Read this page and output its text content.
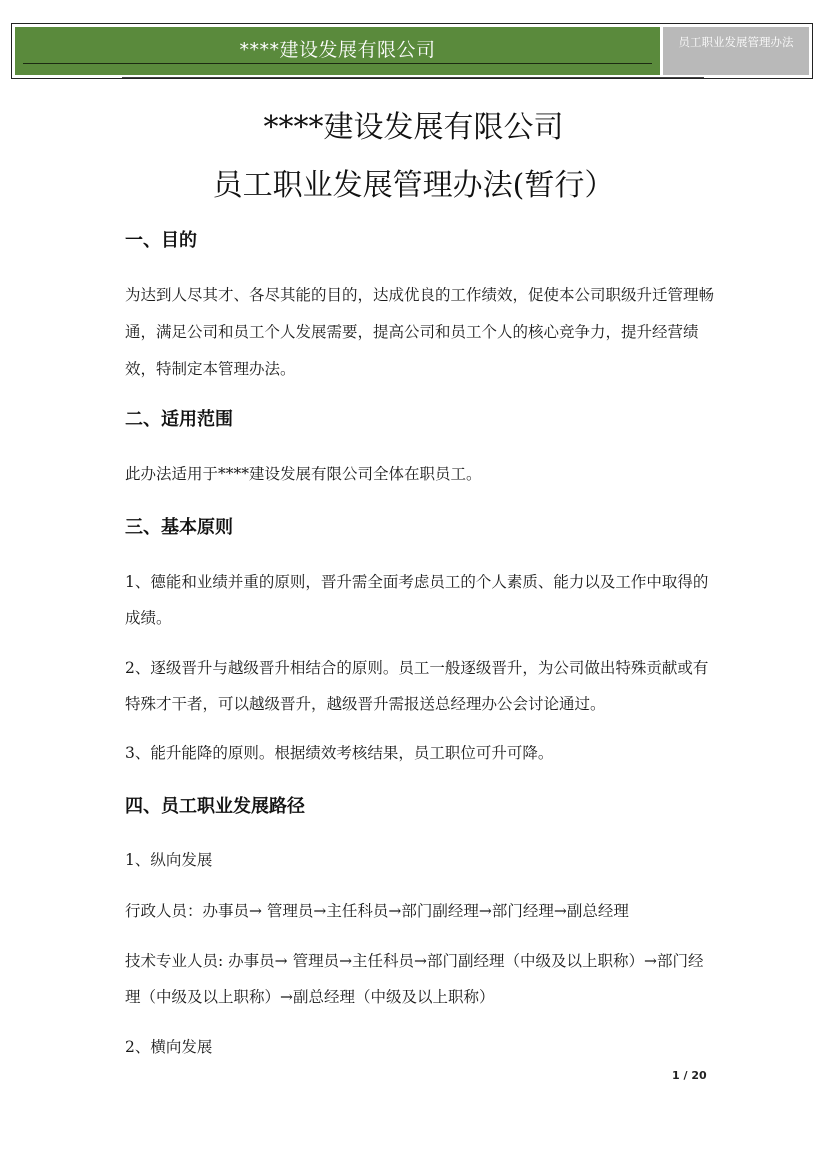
****建设发展有限公司	员工职业发展管理办法
****建设发展有限公司
员工职业发展管理办法(暂行）
一、目的
为达到人尽其才、各尽其能的目的，达成优良的工作绩效，促使本公司职级升迁管理畅通，满足公司和员工个人发展需要，提高公司和员工个人的核心竞争力，提升经营绩效，特制定本管理办法。
二、适用范围
此办法适用于****建设发展有限公司全体在职员工。
三、基本原则
1、德能和业绩并重的原则，晋升需全面考虑员工的个人素质、能力以及工作中取得的成绩。
2、逐级晋升与越级晋升相结合的原则。员工一般逐级晋升，为公司做出特殊贡献或有特殊才干者，可以越级晋升，越级晋升需报送总经理办公会讨论通过。
3、能升能降的原则。根据绩效考核结果，员工职位可升可降。
四、员工职业发展路径
1、纵向发展
行政人员：办事员→ 管理员→主任科员→部门副经理→部门经理→副总经理
技术专业人员: 办事员→ 管理员→主任科员→部门副经理（中级及以上职称）→部门经理（中级及以上职称）→副总经理（中级及以上职称）
2、横向发展
1 / 20
